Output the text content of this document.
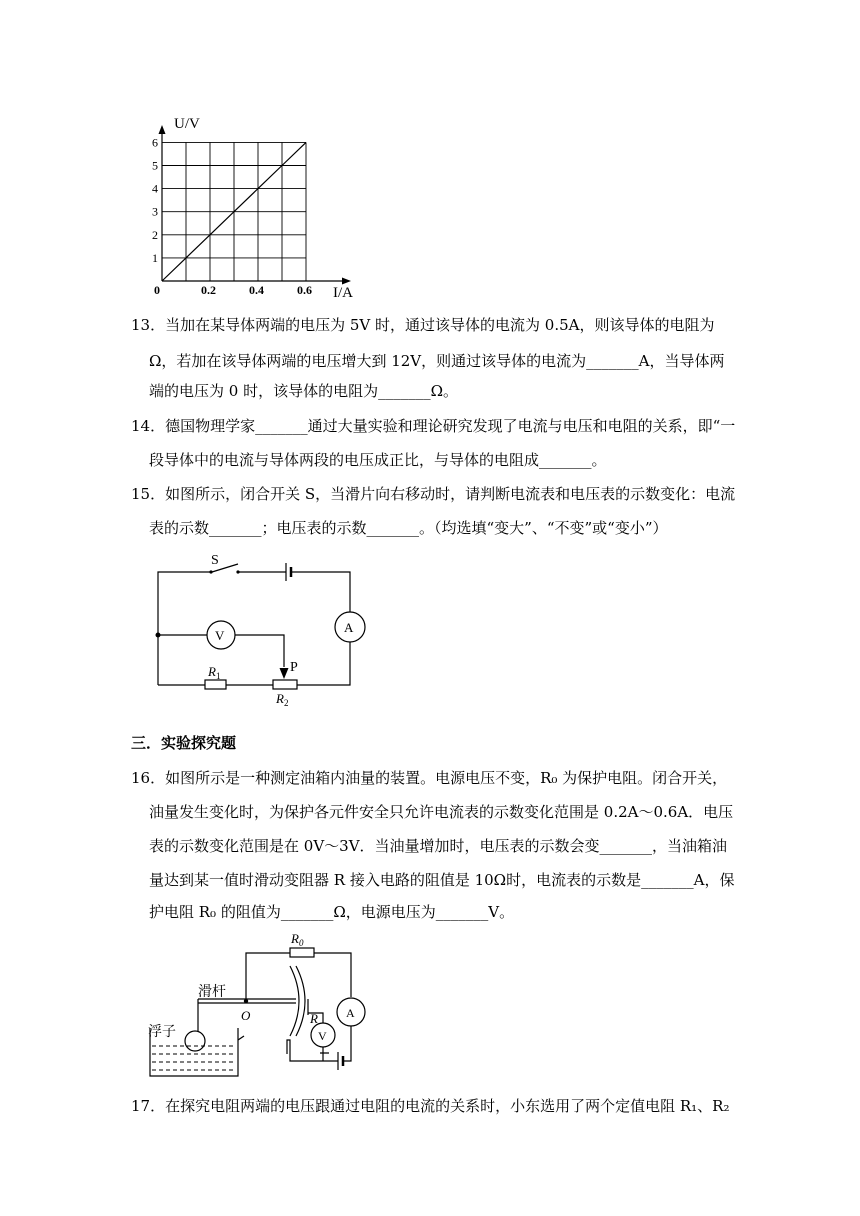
U/V
1
2
3
4
5
6
0.2	0.4	0.6
0	I/A
13．当加在某导体两端的电压为 5V 时，通过该导体的电流为 0.5A，则该导体的电阻为
Ω，若加在该导体两端的电压增大到 12V，则通过该导体的电流为_______A，当导体两
端的电压为 0 时，该导体的电阻为_______Ω。
14．德国物理学家_______通过大量实验和理论研究发现了电流与电压和电阻的关系，即“一
段导体中的电流与导体两段的电压成正比，与导体的电阻成_______。
15．如图所示，闭合开关 S，当滑片向右移动时，请判断电流表和电压表的示数变化：电流
表的示数_______；电压表的示数_______。（均选填“变大”、“不变”或“变小”）
S
A
V
P
$R_1$
$R_2$
三．实验探究题
16．如图所示是一种测定油箱内油量的装置。电源电压不变，R₀ 为保护电阻。闭合开关，
油量发生变化时，为保护各元件安全只允许电流表的示数变化范围是 0.2A～0.6A．电压
表的示数变化范围是在 0V～3V．当油量增加时，电压表的示数会变_______，当油箱油
量达到某一值时滑动变阻器 R 接入电路的阻值是 10Ω时，电流表的示数是_______A，保
护电阻 R₀ 的阻值为_______Ω，电源电压为_______V。
$R_0$
滑杆
O	R
浮子
A
V
17．在探究电阻两端的电压跟通过电阻的电流的关系时，小东选用了两个定值电阻 R₁、R₂
